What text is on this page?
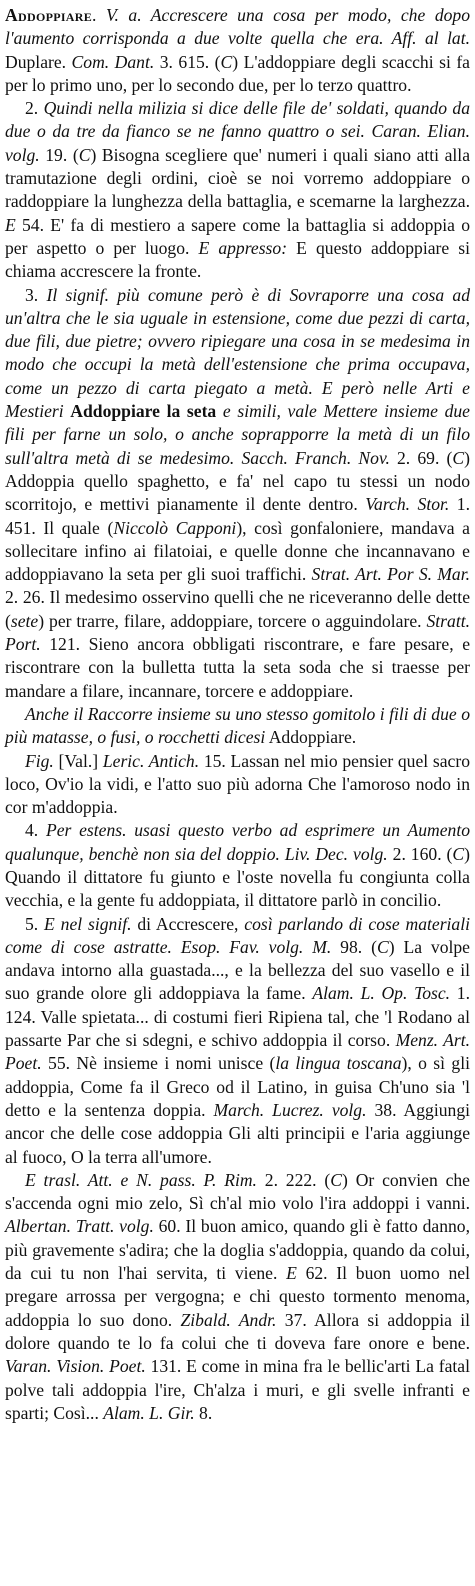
Addoppiare. V. a. Accrescere una cosa per modo, che dopo l'aumento corrisponda a due volte quella che era. Aff. al lat. Duplare. Com. Dant. 3. 615. (C) L'addoppiare degli scacchi si fa per lo primo uno, per lo secondo due, per lo terzo quattro.

2. Quindi nella milizia si dice delle file de' soldati, quando da due o da tre da fianco se ne fanno quattro o sei. Caran. Elian. volg. 19. (C) Bisogna scegliere que' numeri i quali siano atti alla tramutazione degli ordini, cioè se noi vorremo addoppiare o raddoppiare la lunghezza della battaglia, e scemarne la larghezza. E 54. E' fa di mestiero a sapere come la battaglia si addoppia o per aspetto o per luogo. E appresso: E questo addoppiare si chiama accrescere la fronte.

3. Il signif. più comune però è di Sovraporre una cosa ad un'altra che le sia uguale in estensione, come due pezzi di carta, due fili, due pietre; ovvero ripiegare una cosa in se medesima in modo che occupi la metà dell'estensione che prima occupava, come un pezzo di carta piegato a metà. E però nelle Arti e Mestieri Addoppiare la seta e simili, vale Mettere insieme due fili per farne un solo, o anche soprapporre la metà di un filo sull'altra metà di se medesimo. Sacch. Franch. Nov. 2. 69. (C) Addoppia quello spaghetto, e fa' nel capo tu stessi un nodo scorritojo, e mettivi pianamente il dente dentro. Varch. Stor. 1. 451. Il quale (Niccolò Capponi), così gonfaloniere, mandava a sollecitare infino ai filatoiai, e quelle donne che incannavano e addoppiavano la seta per gli suoi traffichi. Strat. Art. Por S. Mar. 2. 26. Il medesimo osservino quelli che ne riceveranno delle dette (sete) per trarre, filare, addoppiare, torcere o agguindolare. Stratt. Port. 121. Sieno ancora obbligati riscontrare, e fare pesare, e riscontrare con la bulletta tutta la seta soda che si traesse per mandare a filare, incannare, torcere e addoppiare.

Anche il Raccorre insieme su uno stesso gomitolo i fili di due o più matasse, o fusi, o rocchetti dicesi Addoppiare.

Fig. [Val.] Leric. Antich. 15. Lassan nel mio pensier quel sacro loco, Ov'io la vidi, e l'atto suo più adorna Che l'amoroso nodo in cor m'addoppia.

4. Per estens. usasi questo verbo ad esprimere un Aumento qualunque, benchè non sia del doppio. Liv. Dec. volg. 2. 160. (C) Quando il dittatore fu giunto e l'oste novella fu congiunta colla vecchia, e la gente fu addoppiata, il dittatore parlò in concilio.

5. E nel signif. di Accrescere, così parlando di cose materiali come di cose astratte. Esop. Fav. volg. M. 98. (C) La volpe andava intorno alla guastada..., e la bellezza del suo vasello e il suo grande olore gli addoppiava la fame. Alam. L. Op. Tosc. 1. 124. Valle spietata... di costumi fieri Ripiena tal, che 'l Rodano al passarte Par che si sdegni, e schivo addoppia il corso. Menz. Art. Poet. 55. Nè insieme i nomi unisce (la lingua toscana), o sì gli addoppia, Come fa il Greco od il Latino, in guisa Ch'uno sia 'l detto e la sentenza doppia. March. Lucrez. volg. 38. Aggiungi ancor che delle cose addoppia Gli alti principii e l'aria aggiunge al fuoco, O la terra all'umore.

E trasl. Att. e N. pass. P. Rim. 2. 222. (C) Or convien che s'accenda ogni mio zelo, Sì ch'al mio volo l'ira addoppi i vanni. Albertan. Tratt. volg. 60. Il buon amico, quando gli è fatto danno, più gravemente s'adira; che la doglia s'addoppia, quando da colui, da cui tu non l'hai servita, ti viene. E 62. Il buon uomo nel pregare arrossa per vergogna; e chi questo tormento menoma, addoppia lo suo dono. Zibald. Andr. 37. Allora si addoppia il dolore quando te lo fa colui che ti doveva fare onore e bene. Varan. Vision. Poet. 131. E come in mina fra le bellic'arti La fatal polve tali addoppia l'ire, Ch'alza i muri, e gli svelle infranti e sparti; Così... Alam. L. Gir. 8.
